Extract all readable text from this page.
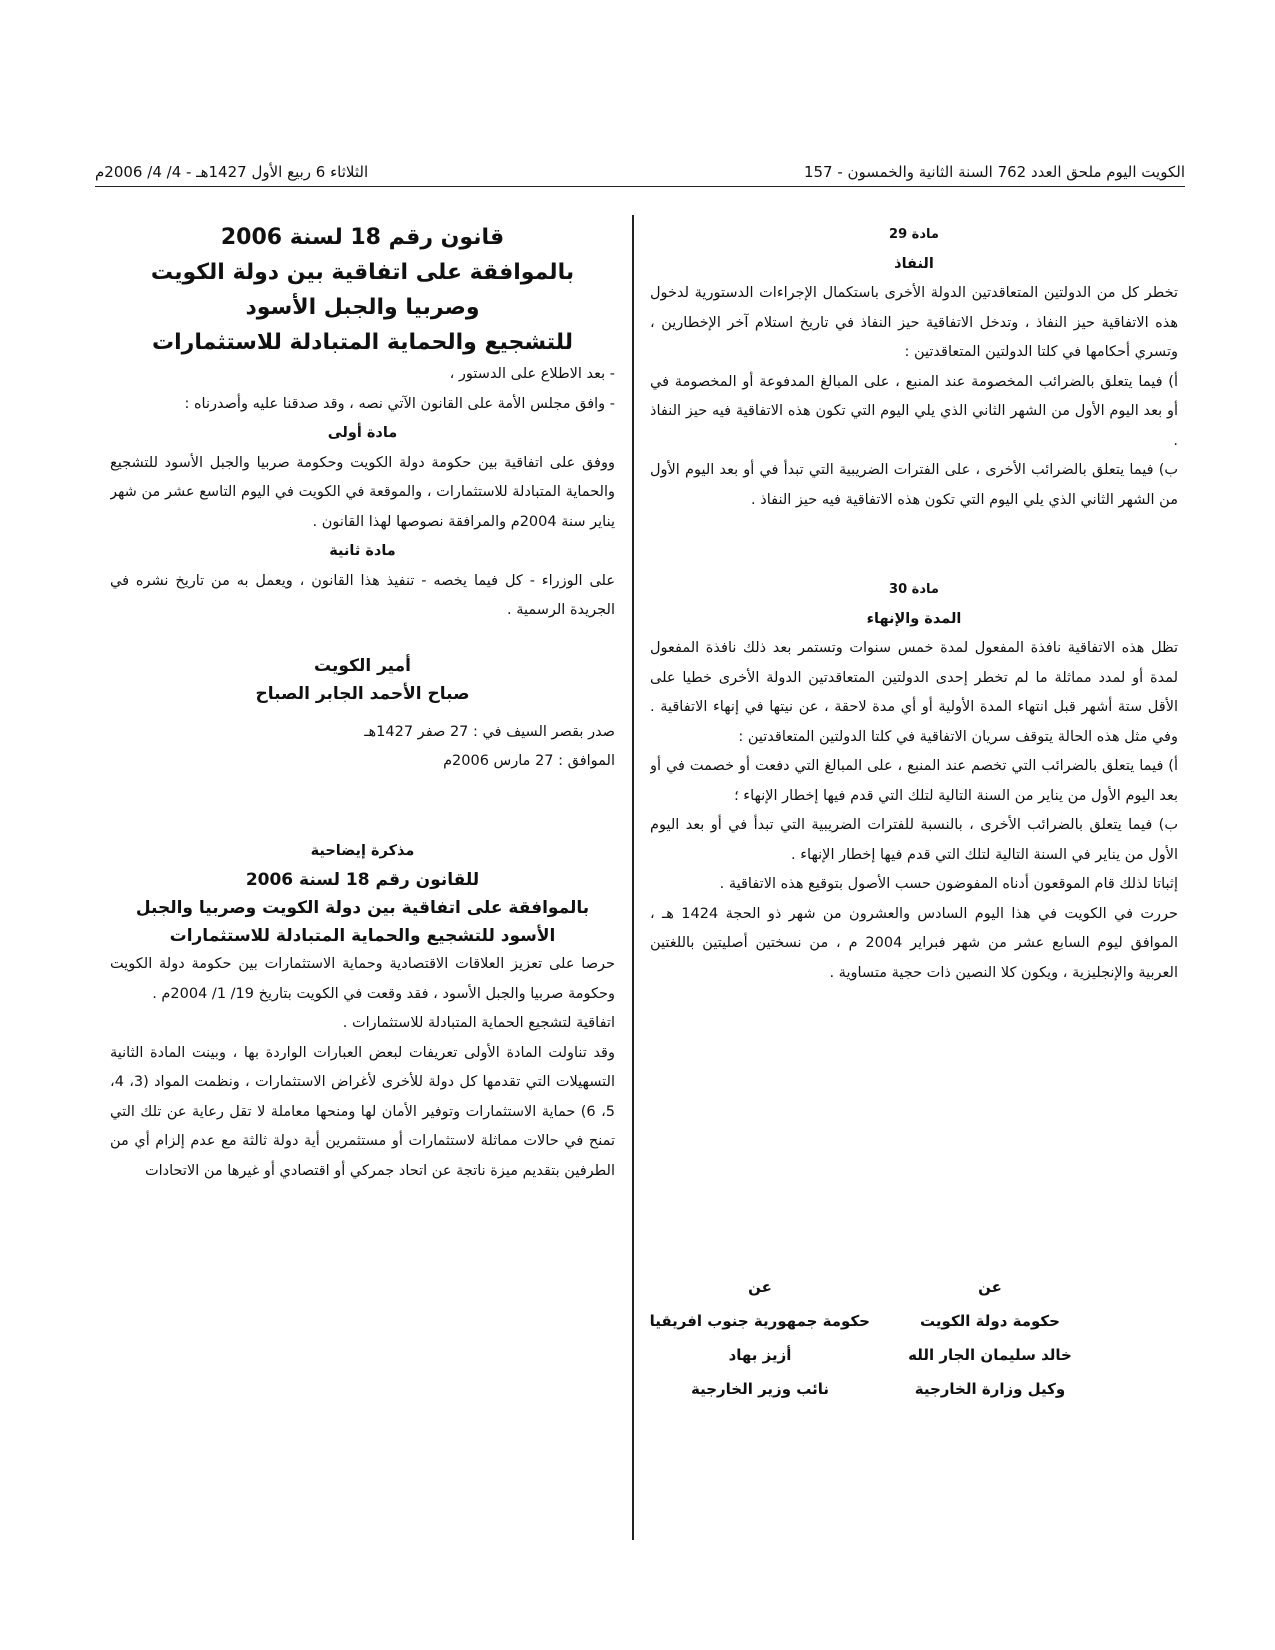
الكويت اليوم ملحق العدد 762 السنة الثانية والخمسون - 157
الثلاثاء 6 ربيع الأول 1427هـ - 4/ 4/ 2006م

مادة 29

النفاذ

تخطر كل من الدولتين المتعاقدتين الدولة الأخرى باستكمال الإجراءات الدستورية لدخول هذه الاتفاقية حيز النفاذ ، وتدخل الاتفاقية حيز النفاذ في تاريخ استلام آخر الإخطارين ، وتسري أحكامها في كلتا الدولتين المتعاقدتين :

أ) فيما يتعلق بالضرائب المخصومة عند المنبع ، على المبالغ المدفوعة أو المخصومة في أو بعد اليوم الأول من الشهر الثاني الذي يلي اليوم التي تكون هذه الاتفاقية فيه حيز النفاذ .

ب) فيما يتعلق بالضرائب الأخرى ، على الفترات الضريبية التي تبدأ في أو بعد اليوم الأول من الشهر الثاني الذي يلي اليوم التي تكون هذه الاتفاقية فيه حيز النفاذ .

مادة 30

المدة والإنهاء

تظل هذه الاتفاقية نافذة المفعول لمدة خمس سنوات وتستمر بعد ذلك نافذة المفعول لمدة أو لمدد مماثلة ما لم تخطر إحدى الدولتين المتعاقدتين الدولة الأخرى خطيا على الأقل ستة أشهر قبل انتهاء المدة الأولية أو أي مدة لاحقة ، عن نيتها في إنهاء الاتفاقية . وفي مثل هذه الحالة يتوقف سريان الاتفاقية في كلتا الدولتين المتعاقدتين :

أ) فيما يتعلق بالضرائب التي تخصم عند المنبع ، على المبالغ التي دفعت أو خصمت في أو بعد اليوم الأول من يناير من السنة التالية لتلك التي قدم فيها إخطار الإنهاء ؛

ب) فيما يتعلق بالضرائب الأخرى ، بالنسبة للفترات الضريبية التي تبدأ في أو بعد اليوم الأول من يناير في السنة التالية لتلك التي قدم فيها إخطار الإنهاء .

إثباتا لذلك قام الموقعون أدناه المفوضون حسب الأصول بتوقيع هذه الاتفاقية .

حررت في الكويت في هذا اليوم السادس والعشرون من شهر ذو الحجة 1424 هـ ، الموافق ليوم السابع عشر من شهر فبراير 2004 م ، من نسختين أصليتين باللغتين العربية والإنجليزية ، ويكون كلا النصين ذات حجية متساوية .

عن
حكومة دولة الكويت
خالد سليمان الجار الله
وكيل وزارة الخارجية
عن
حكومة جمهورية جنوب افريقيا
أزيز بهاد
نائب وزير الخارجية

قانون رقم 18 لسنة 2006

بالموافقة على اتفاقية بين دولة الكويت

وصربيا والجبل الأسود

للتشجيع والحماية المتبادلة للاستثمارات

- بعد الاطلاع على الدستور ،

- وافق مجلس الأمة على القانون الآتي نصه ، وقد صدقنا عليه وأصدرناه :

مادة أولى

ووفق على اتفاقية بين حكومة دولة الكويت وحكومة صربيا والجبل الأسود للتشجيع والحماية المتبادلة للاستثمارات ، والموقعة في الكويت في اليوم التاسع عشر من شهر يناير سنة 2004م والمرافقة نصوصها لهذا القانون .

مادة ثانية

على الوزراء - كل فيما يخصه - تنفيذ هذا القانون ، ويعمل به من تاريخ نشره في الجريدة الرسمية .

أمير الكويت

صباح الأحمد الجابر الصباح

صدر بقصر السيف في : 27 صفر 1427هـ

الموافق : 27 مارس 2006م

مذكرة إيضاحية

للقانون رقم 18 لسنة 2006

بالموافقة على اتفاقية بين دولة الكويت وصربيا والجبل

الأسود للتشجيع والحماية المتبادلة للاستثمارات

حرصا على تعزيز العلاقات الاقتصادية وحماية الاستثمارات بين حكومة دولة الكويت وحكومة صربيا والجبل الأسود ، فقد وقعت في الكويت بتاريخ 19/ 1/ 2004م .

اتفاقية لتشجيع الحماية المتبادلة للاستثمارات .

وقد تناولت المادة الأولى تعريفات لبعض العبارات الواردة بها ، وبينت المادة الثانية التسهيلات التي تقدمها كل دولة للأخرى لأغراض الاستثمارات ، ونظمت المواد (3، 4، 5، 6) حماية الاستثمارات وتوفير الأمان لها ومنحها معاملة لا تقل رعاية عن تلك التي تمنح في حالات مماثلة لاستثمارات أو مستثمرين أية دولة ثالثة مع عدم إلزام أي من الطرفين بتقديم ميزة ناتجة عن اتحاد جمركي أو اقتصادي أو غيرها من الاتحادات
